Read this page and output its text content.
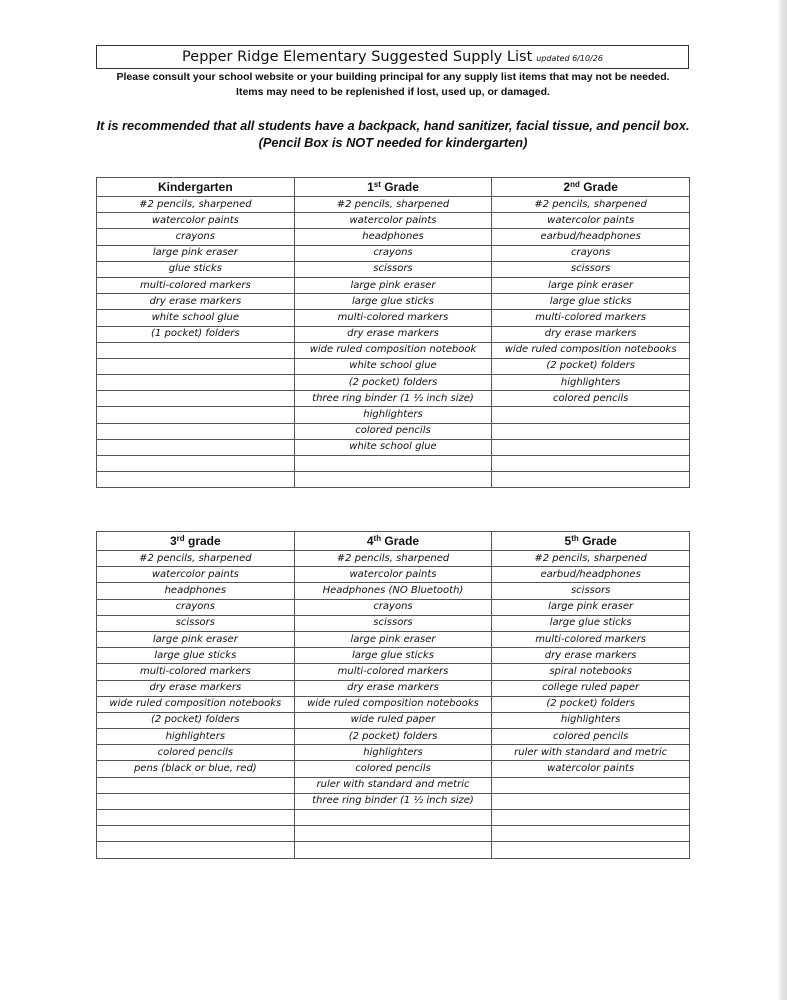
Pepper Ridge Elementary Suggested Supply List updated 6/10/26
Please consult your school website or your building principal for any supply list items that may not be needed.
Items may need to be replenished if lost, used up, or damaged.
It is recommended that all students have a backpack, hand sanitizer, facial tissue, and pencil box.
(Pencil Box is NOT needed for kindergarten)
Kindergarten	1st Grade	2nd Grade
#2 pencils, sharpened	#2 pencils, sharpened	#2 pencils, sharpened
watercolor paints	watercolor paints	watercolor paints
crayons	headphones	earbud/headphones
large pink eraser	crayons	crayons
glue sticks	scissors	scissors
multi-colored markers	large pink eraser	large pink eraser
dry erase markers	large glue sticks	large glue sticks
white school glue	multi-colored markers	multi-colored markers
(1 pocket) folders	dry erase markers	dry erase markers
	wide ruled composition notebook	wide ruled composition notebooks
	white school glue	(2 pocket) folders
	(2 pocket) folders	highlighters
	three ring binder (1 ½ inch size)	colored pencils
	highlighters	
	colored pencils	
	white school glue	

3rd grade	4th Grade	5th Grade
#2 pencils, sharpened	#2 pencils, sharpened	#2 pencils, sharpened
watercolor paints	watercolor paints	earbud/headphones
headphones	Headphones (NO Bluetooth)	scissors
crayons	crayons	large pink eraser
scissors	scissors	large glue sticks
large pink eraser	large pink eraser	multi-colored markers
large glue sticks	large glue sticks	dry erase markers
multi-colored markers	multi-colored markers	spiral notebooks
dry erase markers	dry erase markers	college ruled paper
wide ruled composition notebooks	wide ruled composition notebooks	(2 pocket) folders
(2 pocket) folders	wide ruled paper	highlighters
highlighters	(2 pocket) folders	colored pencils
colored pencils	highlighters	ruler with standard and metric
pens (black or blue, red)	colored pencils	watercolor paints
	ruler with standard and metric	
	three ring binder (1 ½ inch size)	
